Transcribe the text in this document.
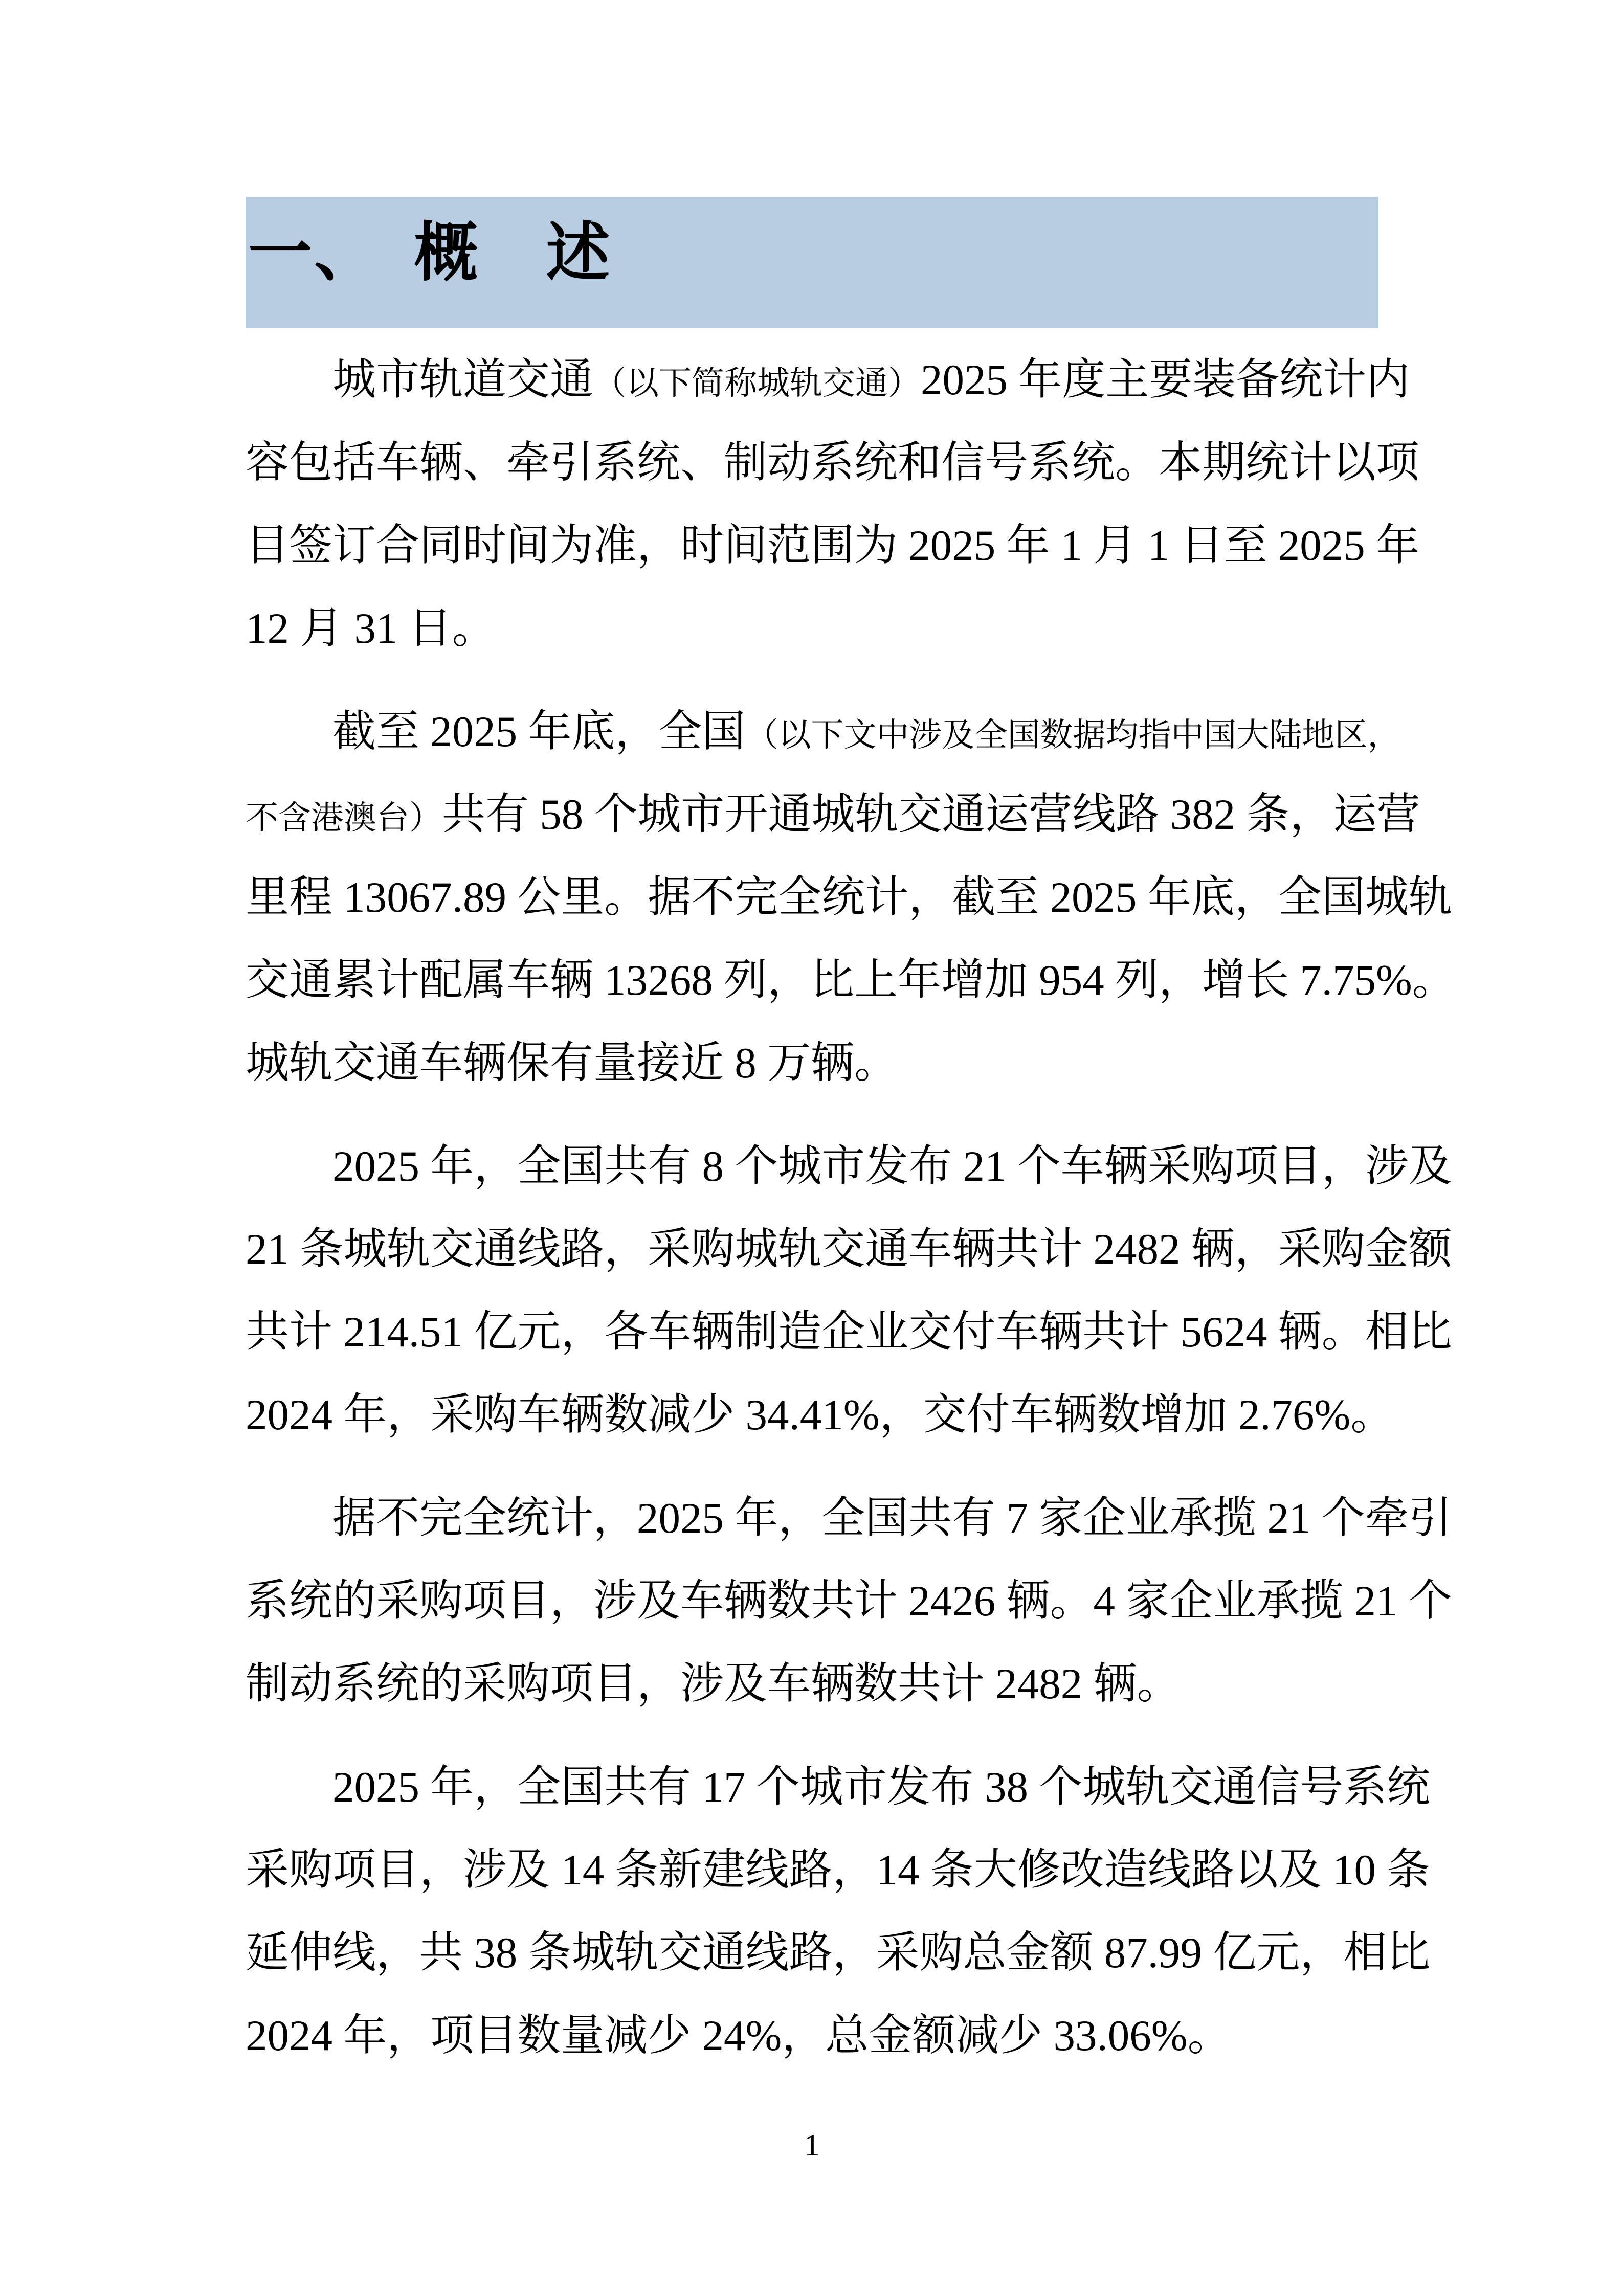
一、　概　述
城市轨道交通（以下简称城轨交通）2025 年度主要装备统计内
容包括车辆、牵引系统、制动系统和信号系统。本期统计以项
目签订合同时间为准，时间范围为 2025 年 1 月 1 日至 2025 年
12 月 31 日。
截至 2025 年底，全国（以下文中涉及全国数据均指中国大陆地区，
不含港澳台）共有 58 个城市开通城轨交通运营线路 382 条，运营
里程 13067.89 公里。据不完全统计，截至 2025 年底，全国城轨
交通累计配属车辆 13268 列，比上年增加 954 列，增长 7.75%。
城轨交通车辆保有量接近 8 万辆。
2025 年，全国共有 8 个城市发布 21 个车辆采购项目，涉及
21 条城轨交通线路，采购城轨交通车辆共计 2482 辆，采购金额
共计 214.51 亿元，各车辆制造企业交付车辆共计 5624 辆。相比
2024 年，采购车辆数减少 34.41%，交付车辆数增加 2.76%。
据不完全统计，2025 年，全国共有 7 家企业承揽 21 个牵引
系统的采购项目，涉及车辆数共计 2426 辆。4 家企业承揽 21 个
制动系统的采购项目，涉及车辆数共计 2482 辆。
2025 年，全国共有 17 个城市发布 38 个城轨交通信号系统
采购项目，涉及 14 条新建线路，14 条大修改造线路以及 10 条
延伸线，共 38 条城轨交通线路，采购总金额 87.99 亿元，相比
2024 年，项目数量减少 24%，总金额减少 33.06%。
1
